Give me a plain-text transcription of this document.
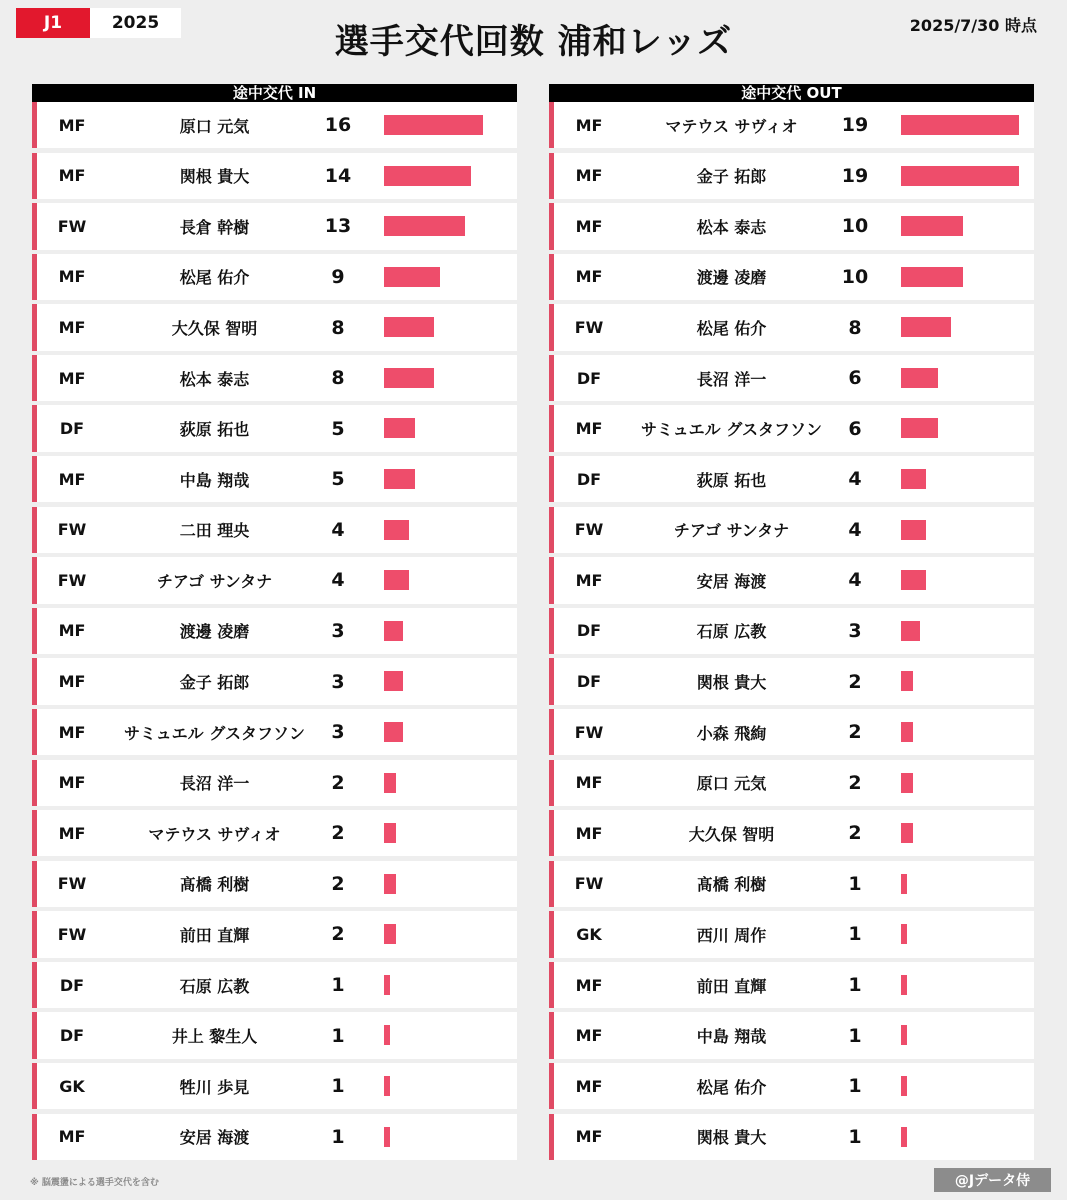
J1	2025	選手交代回数 浦和レッズ	2025/7/30 時点
途中交代 IN
MF	原口 元気	16
MF	関根 貴大	14
FW	長倉 幹樹	13
MF	松尾 佑介	9
MF	大久保 智明	8
MF	松本 泰志	8
DF	荻原 拓也	5
MF	中島 翔哉	5
FW	二田 理央	4
FW	チアゴ サンタナ	4
MF	渡邊 凌磨	3
MF	金子 拓郎	3
MF	サミュエル グスタフソン	3
MF	長沼 洋一	2
MF	マテウス サヴィオ	2
FW	髙橋 利樹	2
FW	前田 直輝	2
DF	石原 広教	1
DF	井上 黎生人	1
GK	牲川 歩見	1
MF	安居 海渡	1
途中交代 OUT
MF	マテウス サヴィオ	19
MF	金子 拓郎	19
MF	松本 泰志	10
MF	渡邊 凌磨	10
FW	松尾 佑介	8
DF	長沼 洋一	6
MF	サミュエル グスタフソン	6
DF	荻原 拓也	4
FW	チアゴ サンタナ	4
MF	安居 海渡	4
DF	石原 広教	3
DF	関根 貴大	2
FW	小森 飛絢	2
MF	原口 元気	2
MF	大久保 智明	2
FW	髙橋 利樹	1
GK	西川 周作	1
MF	前田 直輝	1
MF	中島 翔哉	1
MF	松尾 佑介	1
MF	関根 貴大	1
※ 脳震盪による選手交代を含む	@Jデータ侍
